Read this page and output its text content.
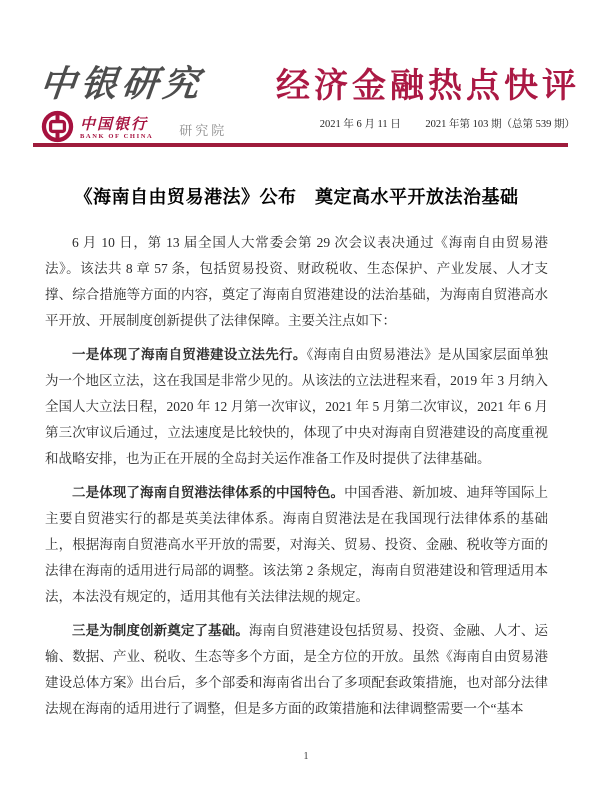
中银研究 经济金融热点快评
中国银行
BANK OF CHINA 研究院	2021 年 6 月 11 日 2021 年第 103 期（总第 539 期）
《海南自由贸易港法》公布　奠定高水平开放法治基础

6 月 10 日，第 13 届全国人大常委会第 29 次会议表决通过《海南自由贸易港法》。该法共 8 章 57 条，包括贸易投资、财政税收、生态保护、产业发展、人才支撑、综合措施等方面的内容，奠定了海南自贸港建设的法治基础，为海南自贸港高水平开放、开展制度创新提供了法律保障。主要关注点如下：

一是体现了海南自贸港建设立法先行。《海南自由贸易港法》是从国家层面单独为一个地区立法，这在我国是非常少见的。从该法的立法进程来看，2019 年 3 月纳入全国人大立法日程，2020 年 12 月第一次审议，2021 年 5 月第二次审议，2021 年 6 月第三次审议后通过，立法速度是比较快的，体现了中央对海南自贸港建设的高度重视和战略安排，也为正在开展的全岛封关运作准备工作及时提供了法律基础。

二是体现了海南自贸港法律体系的中国特色。中国香港、新加坡、迪拜等国际上主要自贸港实行的都是英美法律体系。海南自贸港法是在我国现行法律体系的基础上，根据海南自贸港高水平开放的需要，对海关、贸易、投资、金融、税收等方面的法律在海南的适用进行局部的调整。该法第 2 条规定，海南自贸港建设和管理适用本法，本法没有规定的，适用其他有关法律法规的规定。

三是为制度创新奠定了基础。海南自贸港建设包括贸易、投资、金融、人才、运输、数据、产业、税收、生态等多个方面，是全方位的开放。虽然《海南自由贸易港建设总体方案》出台后，多个部委和海南省出台了多项配套政策措施，也对部分法律法规在海南的适用进行了调整，但是多方面的政策措施和法律调整需要一个“基本

1
